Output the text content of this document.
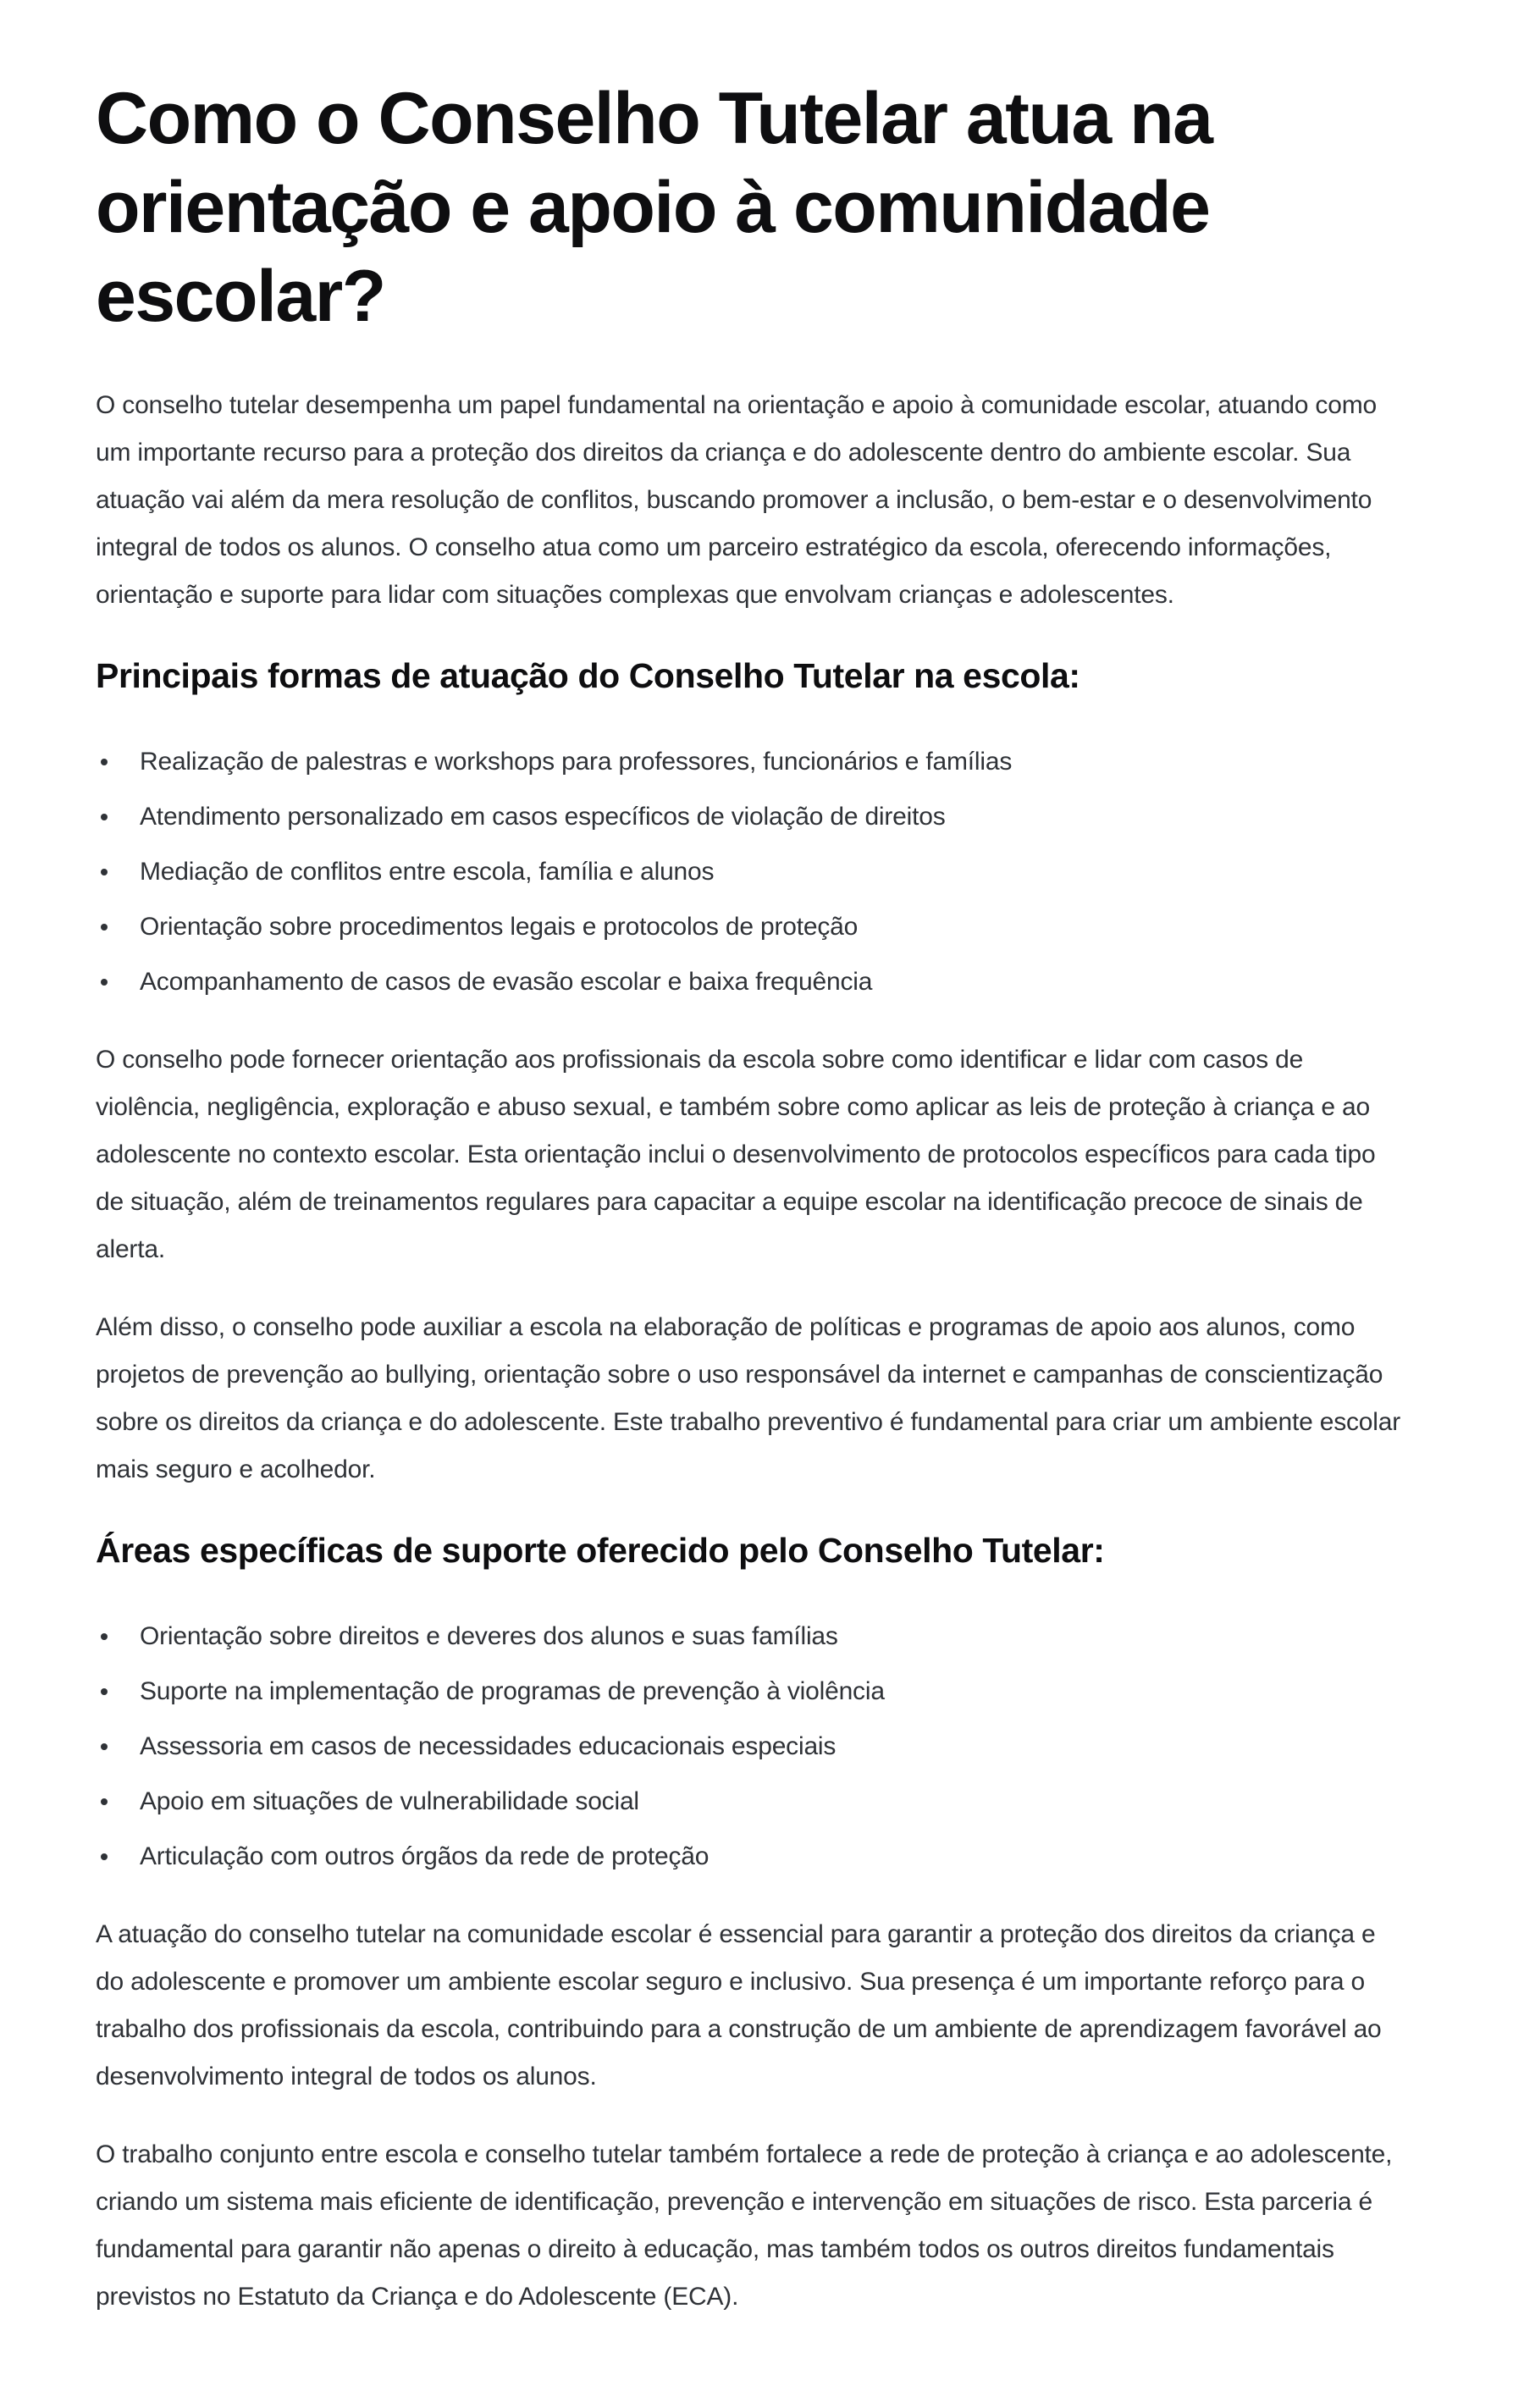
Como o Conselho Tutelar atua na orientação e apoio à comunidade escolar?

O conselho tutelar desempenha um papel fundamental na orientação e apoio à comunidade escolar, atuando como um importante recurso para a proteção dos direitos da criança e do adolescente dentro do ambiente escolar. Sua atuação vai além da mera resolução de conflitos, buscando promover a inclusão, o bem-estar e o desenvolvimento integral de todos os alunos. O conselho atua como um parceiro estratégico da escola, oferecendo informações, orientação e suporte para lidar com situações complexas que envolvam crianças e adolescentes.

Principais formas de atuação do Conselho Tutelar na escola:
Realização de palestras e workshops para professores, funcionários e famílias
Atendimento personalizado em casos específicos de violação de direitos
Mediação de conflitos entre escola, família e alunos
Orientação sobre procedimentos legais e protocolos de proteção
Acompanhamento de casos de evasão escolar e baixa frequência

O conselho pode fornecer orientação aos profissionais da escola sobre como identificar e lidar com casos de violência, negligência, exploração e abuso sexual, e também sobre como aplicar as leis de proteção à criança e ao adolescente no contexto escolar. Esta orientação inclui o desenvolvimento de protocolos específicos para cada tipo de situação, além de treinamentos regulares para capacitar a equipe escolar na identificação precoce de sinais de alerta.

Além disso, o conselho pode auxiliar a escola na elaboração de políticas e programas de apoio aos alunos, como projetos de prevenção ao bullying, orientação sobre o uso responsável da internet e campanhas de conscientização sobre os direitos da criança e do adolescente. Este trabalho preventivo é fundamental para criar um ambiente escolar mais seguro e acolhedor.

Áreas específicas de suporte oferecido pelo Conselho Tutelar:
Orientação sobre direitos e deveres dos alunos e suas famílias
Suporte na implementação de programas de prevenção à violência
Assessoria em casos de necessidades educacionais especiais
Apoio em situações de vulnerabilidade social
Articulação com outros órgãos da rede de proteção

A atuação do conselho tutelar na comunidade escolar é essencial para garantir a proteção dos direitos da criança e do adolescente e promover um ambiente escolar seguro e inclusivo. Sua presença é um importante reforço para o trabalho dos profissionais da escola, contribuindo para a construção de um ambiente de aprendizagem favorável ao desenvolvimento integral de todos os alunos.

O trabalho conjunto entre escola e conselho tutelar também fortalece a rede de proteção à criança e ao adolescente, criando um sistema mais eficiente de identificação, prevenção e intervenção em situações de risco. Esta parceria é fundamental para garantir não apenas o direito à educação, mas também todos os outros direitos fundamentais previstos no Estatuto da Criança e do Adolescente (ECA).
